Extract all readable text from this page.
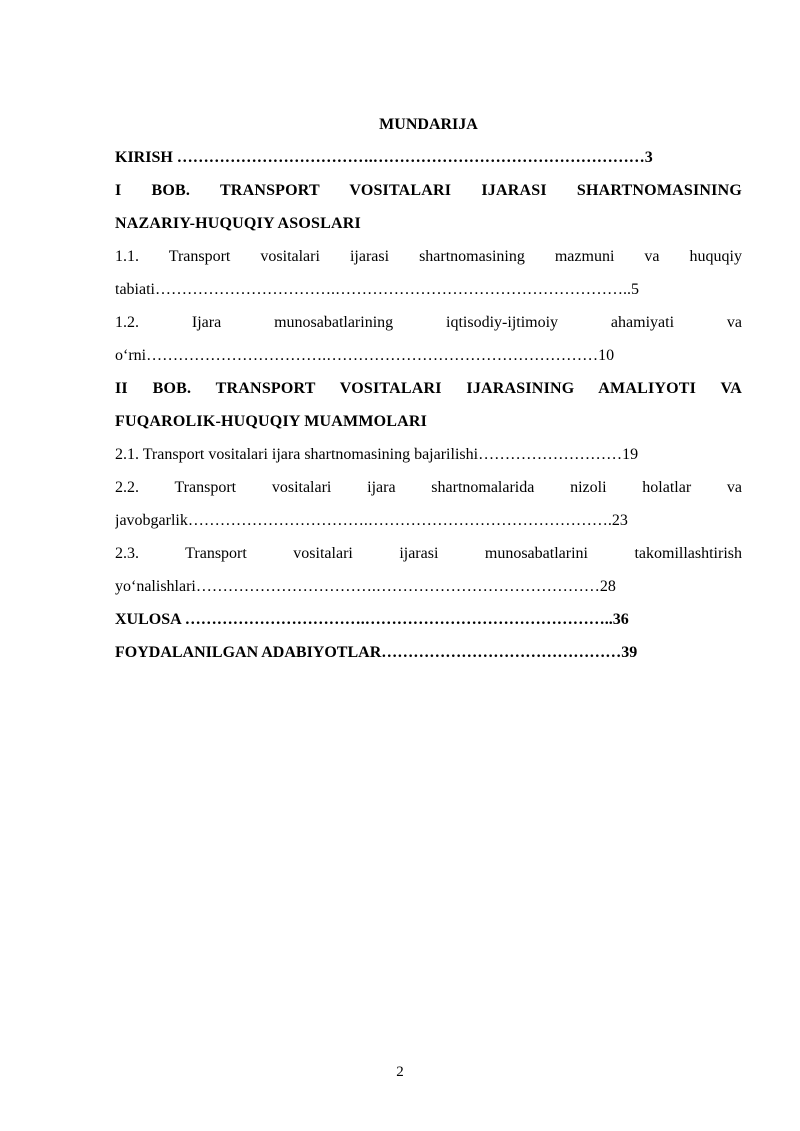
MUNDARIJA

KIRISH ……………………………….……………………………………………3

I BOB. TRANSPORT VOSITALARI IJARASI SHARTNOMASINING
NAZARIY-HUQUQIY ASOSLARI

1.1. Transport vositalari ijarasi shartnomasining mazmuni va huquqiy
tabiati…………………………….………………………………………………..5

1.2. Ijara munosabatlarining iqtisodiy-ijtimoiy ahamiyati va
o‘rni…………………………….……………………………………………10

II BOB. TRANSPORT VOSITALARI IJARASINING AMALIYOTI VA
FUQAROLIK-HUQUQIY MUAMMOLARI

2.1. Transport vositalari ijara shartnomasining bajarilishi………………………19

2.2. Transport vositalari ijara shartnomalarida nizoli holatlar va
javobgarlik…………………………….……………………………………….23

2.3. Transport vositalari ijarasi munosabatlarini takomillashtirish
yo‘nalishlari…………………………….……………………………………28

XULOSA …………………………….………………………………………..36

FOYDALANILGAN ADABIYOTLAR………………………………………39

2
